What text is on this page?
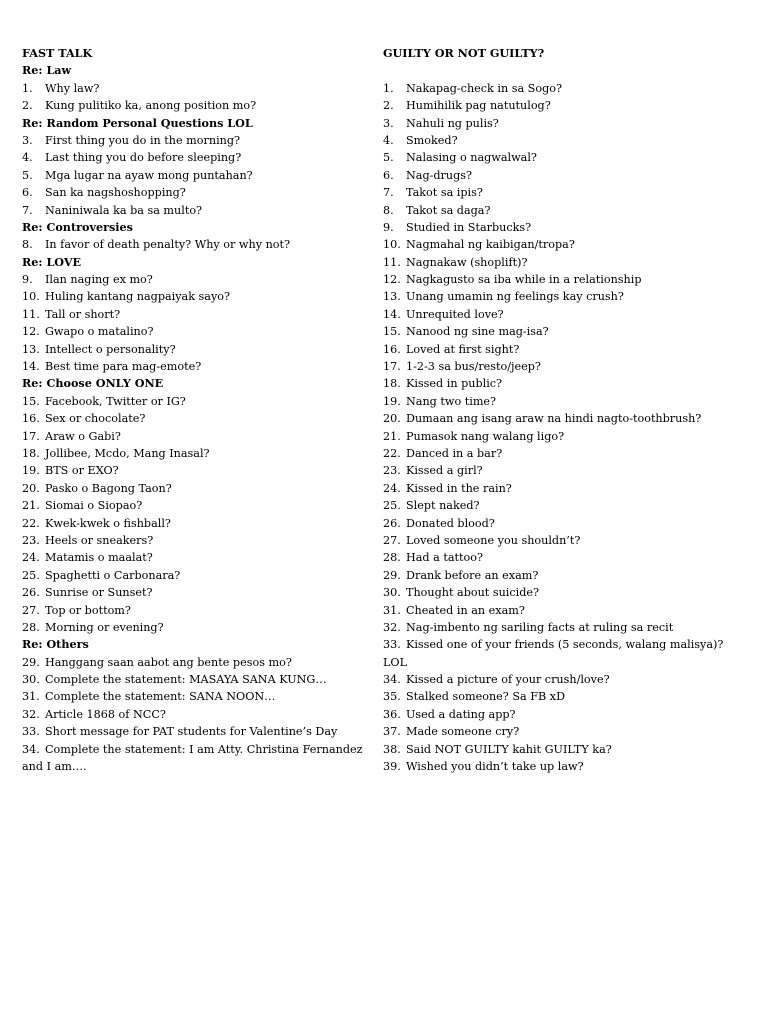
FAST TALK
Re: Law
1.	Why law?
2.	Kung pulitiko ka, anong position mo?
Re: Random Personal Questions LOL
3.	First thing you do in the morning?
4.	Last thing you do before sleeping?
5.	Mga lugar na ayaw mong puntahan?
6.	San ka nagshoshopping?
7.	Naniniwala ka ba sa multo?
Re: Controversies
8.	In favor of death penalty? Why or why not?
Re: LOVE
9.	Ilan naging ex mo?
10. Huling kantang nagpaiyak sayo?
11. Tall or short?
12. Gwapo o matalino?
13. Intellect o personality?
14. Best time para mag-emote?
Re: Choose ONLY ONE
15. Facebook, Twitter or IG?
16. Sex or chocolate?
17. Araw o Gabi?
18. Jollibee, Mcdo, Mang Inasal?
19. BTS or EXO?
20. Pasko o Bagong Taon?
21. Siomai o Siopao?
22. Kwek-kwek o fishball?
23. Heels or sneakers?
24. Matamis o maalat?
25. Spaghetti o Carbonara?
26. Sunrise or Sunset?
27. Top or bottom?
28. Morning or evening?
Re: Others
29. Hanggang saan aabot ang bente pesos mo?
30. Complete the statement: MASAYA SANA KUNG…
31. Complete the statement: SANA NOON…
32. Article 1868 of NCC?
33. Short message for PAT students for Valentine’s Day
34. Complete the statement: I am Atty. Christina Fernandez
and I am….
GUILTY OR NOT GUILTY?
1.	Nakapag-check in sa Sogo?
2.	Humihilik pag natutulog?
3.	Nahuli ng pulis?
4.	Smoked?
5.	Nalasing o nagwalwal?
6.	Nag-drugs?
7.	Takot sa ipis?
8.	Takot sa daga?
9.	Studied in Starbucks?
10. Nagmahal ng kaibigan/tropa?
11. Nagnakaw (shoplift)?
12. Nagkagusto sa iba while in a relationship
13. Unang umamin ng feelings kay crush?
14. Unrequited love?
15. Nanood ng sine mag-isa?
16. Loved at first sight?
17. 1-2-3 sa bus/resto/jeep?
18. Kissed in public?
19. Nang two time?
20. Dumaan ang isang araw na hindi nagto-toothbrush?
21. Pumasok nang walang ligo?
22. Danced in a bar?
23. Kissed a girl?
24. Kissed in the rain?
25. Slept naked?
26. Donated blood?
27. Loved someone you shouldn’t?
28. Had a tattoo?
29. Drank before an exam?
30. Thought about suicide?
31. Cheated in an exam?
32. Nag-imbento ng sariling facts at ruling sa recit
33. Kissed one of your friends (5 seconds, walang malisya)?
LOL
34. Kissed a picture of your crush/love?
35. Stalked someone? Sa FB xD
36. Used a dating app?
37. Made someone cry?
38. Said NOT GUILTY kahit GUILTY ka?
39. Wished you didn’t take up law?
